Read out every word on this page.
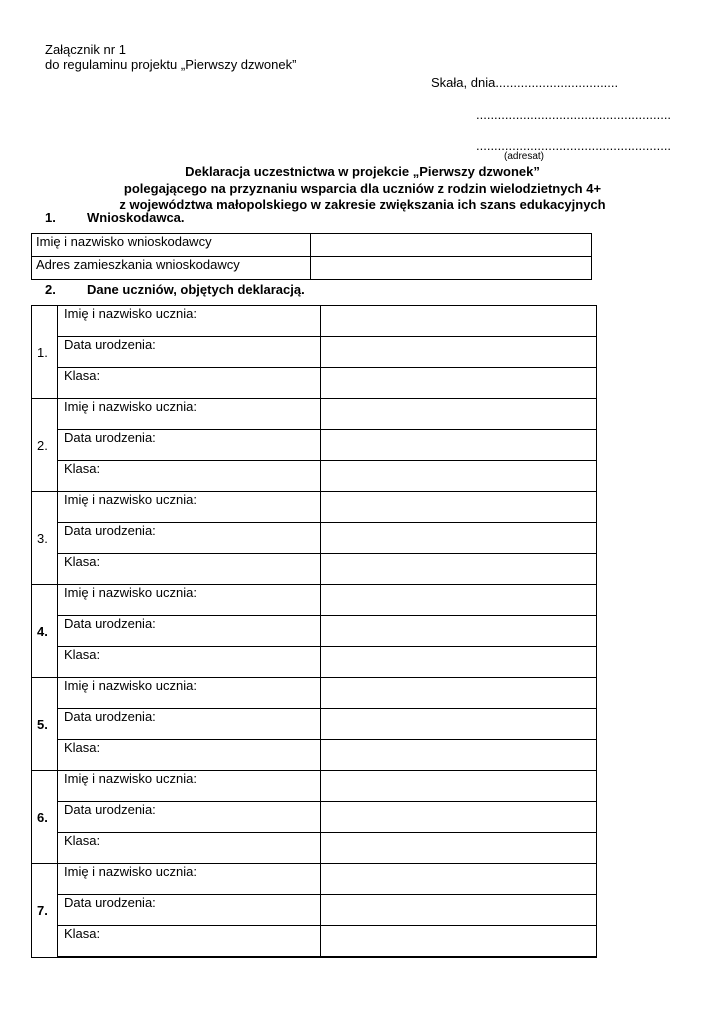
Załącznik nr 1
do regulaminu projektu „Pierwszy dzwonek”
Skała, dnia..................................
......................................................
......................................................
(adresat)
Deklaracja uczestnictwa w projekcie „Pierwszy dzwonek”
polegającego na przyznaniu wsparcia dla uczniów z rodzin wielodzietnych 4+
z województwa małopolskiego w zakresie zwiększania ich szans edukacyjnych
1. Wnioskodawca.
Imię i nazwisko wnioskodawcy	
Adres zamieszkania wnioskodawcy	
2. Dane uczniów, objętych deklaracją.
1.	Imię i nazwisko ucznia:	
	Data urodzenia:	
	Klasa:	
2.	Imię i nazwisko ucznia:	
	Data urodzenia:	
	Klasa:	
3.	Imię i nazwisko ucznia:	
	Data urodzenia:	
	Klasa:	
4.	Imię i nazwisko ucznia:	
	Data urodzenia:	
	Klasa:	
5.	Imię i nazwisko ucznia:	
	Data urodzenia:	
	Klasa:	
6.	Imię i nazwisko ucznia:	
	Data urodzenia:	
	Klasa:	
7.	Imię i nazwisko ucznia:	
	Data urodzenia:	
	Klasa:	
